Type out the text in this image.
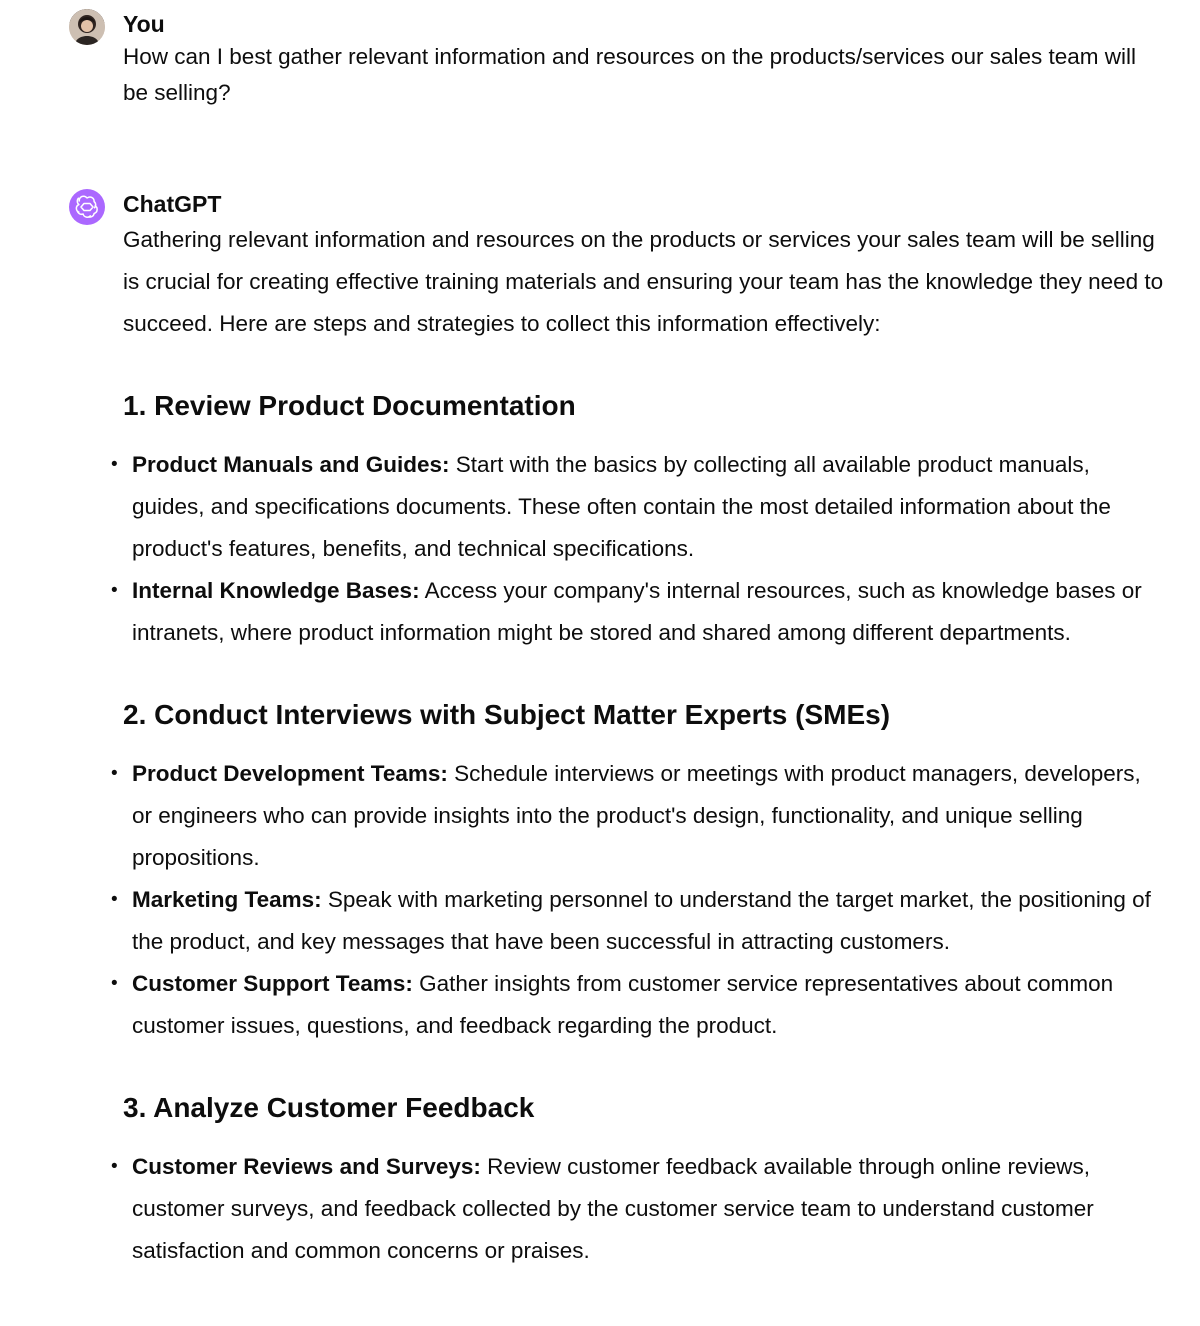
You

How can I best gather relevant information and resources on the products/services our sales team will be selling?

ChatGPT

Gathering relevant information and resources on the products or services your sales team will be selling is crucial for creating effective training materials and ensuring your team has the knowledge they need to succeed. Here are steps and strategies to collect this information effectively:

1. Review Product Documentation
• Product Manuals and Guides: Start with the basics by collecting all available product manuals, guides, and specifications documents. These often contain the most detailed information about the product's features, benefits, and technical specifications.
• Internal Knowledge Bases: Access your company's internal resources, such as knowledge bases or intranets, where product information might be stored and shared among different departments.
2. Conduct Interviews with Subject Matter Experts (SMEs)
• Product Development Teams: Schedule interviews or meetings with product managers, developers, or engineers who can provide insights into the product's design, functionality, and unique selling propositions.
• Marketing Teams: Speak with marketing personnel to understand the target market, the positioning of the product, and key messages that have been successful in attracting customers.
• Customer Support Teams: Gather insights from customer service representatives about common customer issues, questions, and feedback regarding the product.
3. Analyze Customer Feedback
• Customer Reviews and Surveys: Review customer feedback available through online reviews, customer surveys, and feedback collected by the customer service team to understand customer satisfaction and common concerns or praises.
